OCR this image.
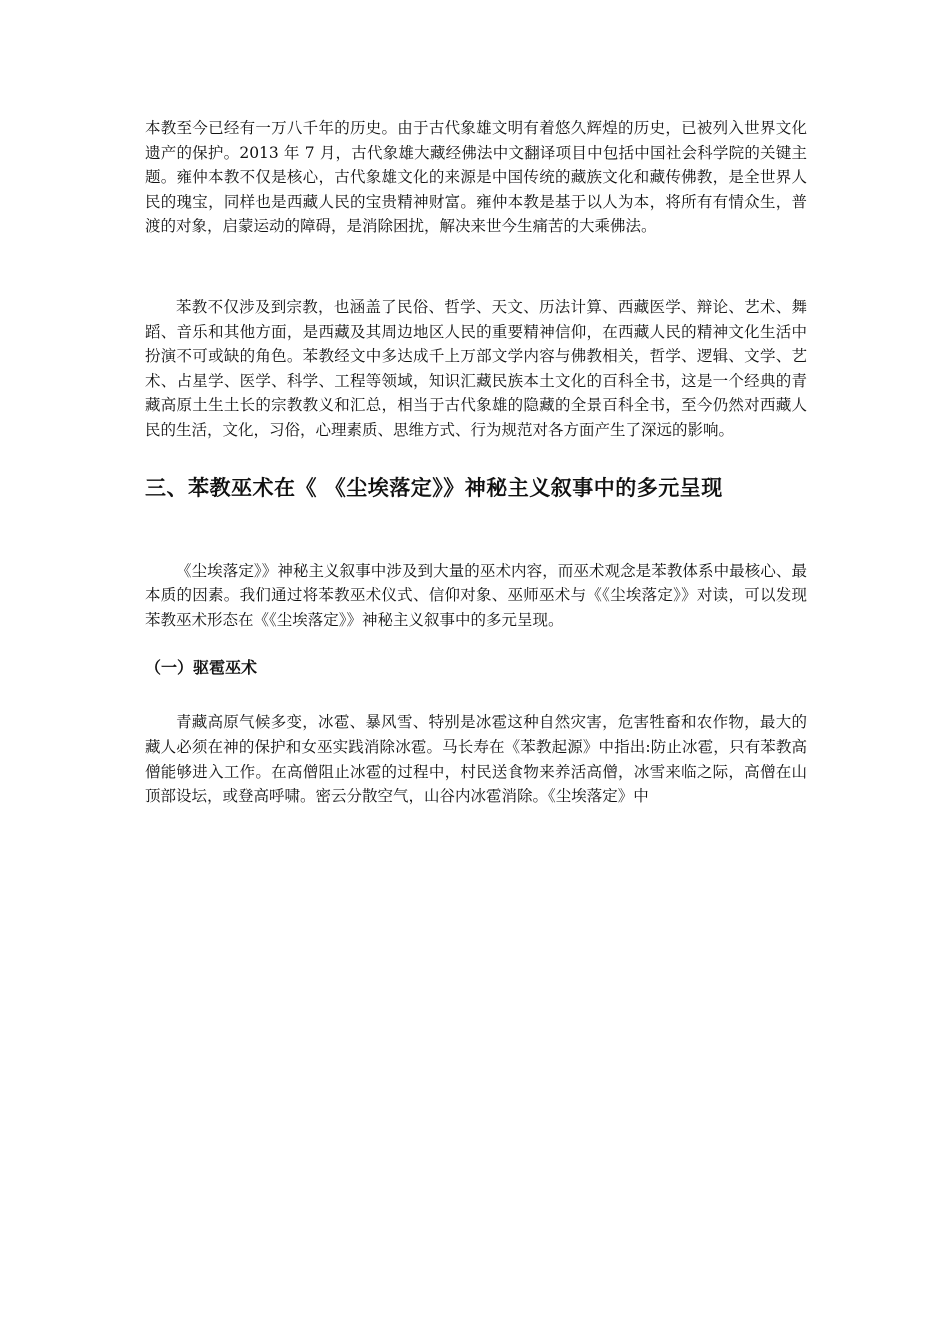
本教至今已经有一万八千年的历史。由于古代象雄文明有着悠久辉煌的历史，已被列入世界文化遗产的保护。2013 年 7 月，古代象雄大藏经佛法中文翻译项目中包括中国社会科学院的关键主题。雍仲本教不仅是核心，古代象雄文化的来源是中国传统的藏族文化和藏传佛教，是全世界人民的瑰宝，同样也是西藏人民的宝贵精神财富。雍仲本教是基于以人为本，将所有有情众生，普渡的对象，启蒙运动的障碍，是消除困扰，解决来世今生痛苦的大乘佛法。

苯教不仅涉及到宗教，也涵盖了民俗、哲学、天文、历法计算、西藏医学、辩论、艺术、舞蹈、音乐和其他方面，是西藏及其周边地区人民的重要精神信仰，在西藏人民的精神文化生活中扮演不可或缺的角色。苯教经文中多达成千上万部文学内容与佛教相关，哲学、逻辑、文学、艺术、占星学、医学、科学、工程等领域，知识汇藏民族本土文化的百科全书，这是一个经典的青藏高原土生土长的宗教教义和汇总，相当于古代象雄的隐藏的全景百科全书，至今仍然对西藏人民的生活，文化，习俗，心理素质、思维方式、行为规范对各方面产生了深远的影响。

三、苯教巫术在《 《尘埃落定》》神秘主义叙事中的多元呈现

《尘埃落定》》神秘主义叙事中涉及到大量的巫术内容，而巫术观念是苯教体系中最核心、最本质的因素。我们通过将苯教巫术仪式、信仰对象、巫师巫术与《《尘埃落定》》对读，可以发现苯教巫术形态在《《尘埃落定》》神秘主义叙事中的多元呈现。

（一）驱雹巫术

青藏高原气候多变，冰雹、暴风雪、特别是冰雹这种自然灾害，危害牲畜和农作物，最大的藏人必须在神的保护和女巫实践消除冰雹。马长寿在《苯教起源》中指出:防止冰雹，只有苯教高僧能够进入工作。在高僧阻止冰雹的过程中，村民送食物来养活高僧，冰雪来临之际，高僧在山顶部设坛，或登高呼啸。密云分散空气，山谷内冰雹消除。《尘埃落定》中
